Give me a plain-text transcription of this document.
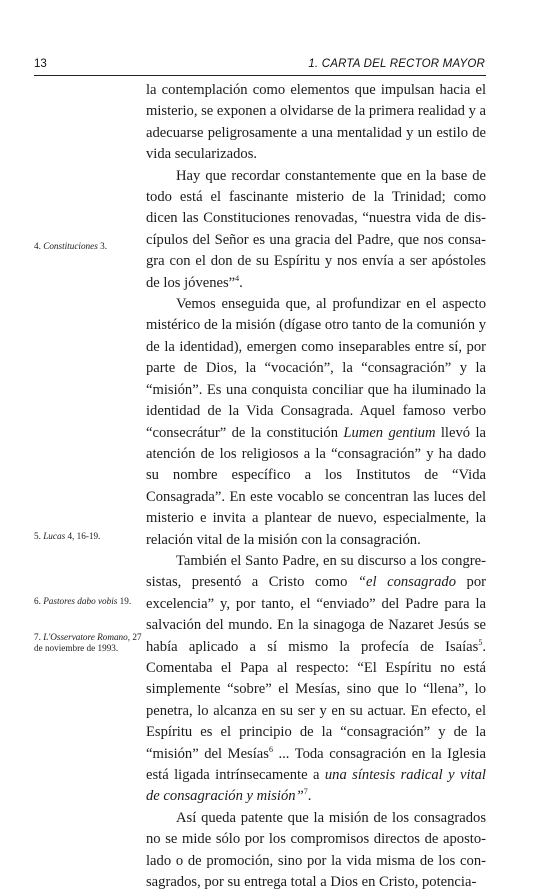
13	1. CARTA DEL RECTOR MAYOR

la contemplación como elementos que impulsan hacia el misterio, se exponen a olvidarse de la primera realidad y a adecuarse peligrosamente a una mentalidad y un estilo de vida secularizados.

Hay que recordar constantemente que en la base de todo está el fascinante misterio de la Trinidad; como dicen las Constituciones renovadas, “nuestra vida de discípulos del Señor es una gracia del Padre, que nos consagra con el don de su Espíritu y nos envía a ser apóstoles de los jóvenes”$^4$.

Vemos enseguida que, al profundizar en el aspecto mistérico de la misión (dígase otro tanto de la comunión y de la identidad), emergen como inseparables entre sí, por parte de Dios, la “vocación”, la “consagración” y la “misión”. Es una conquista conciliar que ha iluminado la identidad de la Vida Consagrada. Aquel famoso verbo “consecrátur” de la constitución Lumen gentium llevó la atención de los religiosos a la “consagración” y ha dado su nombre específico a los Institutos de “Vida Consagrada”. En este vocablo se concentran las luces del misterio e invita a plantear de nuevo, especialmente, la relación vital de la misión con la consagración.

También el Santo Padre, en su discurso a los congresistas, presentó a Cristo como “el consagrado por excelencia” y, por tanto, el “enviado” del Padre para la salvación del mundo. En la sinagoga de Nazaret Jesús se había aplicado a sí mismo la profecía de Isaías$^5$. Comentaba el Papa al respecto: “El Espíritu no está simplemente “sobre” el Mesías, sino que lo “llena”, lo penetra, lo alcanza en su ser y en su actuar. En efecto, el Espíritu es el principio de la “consagración” y de la “misión” del Mesías$^6$ ... Toda consagración en la Iglesia está ligada intrínsecamente a una síntesis radical y vital de consagración y misión”$^7$.

Así queda patente que la misión de los consagrados no se mide sólo por los compromisos directos de apostolado o de promoción, sino por la vida misma de los consagrados, por su entrega total a Dios en Cristo, potencia-

4. Constituciones 3.
5. Lucas 4, 16-19.
6. Pastores dabo vobis 19.
7. L'Osservatore Romano, 27 de noviembre de 1993.
